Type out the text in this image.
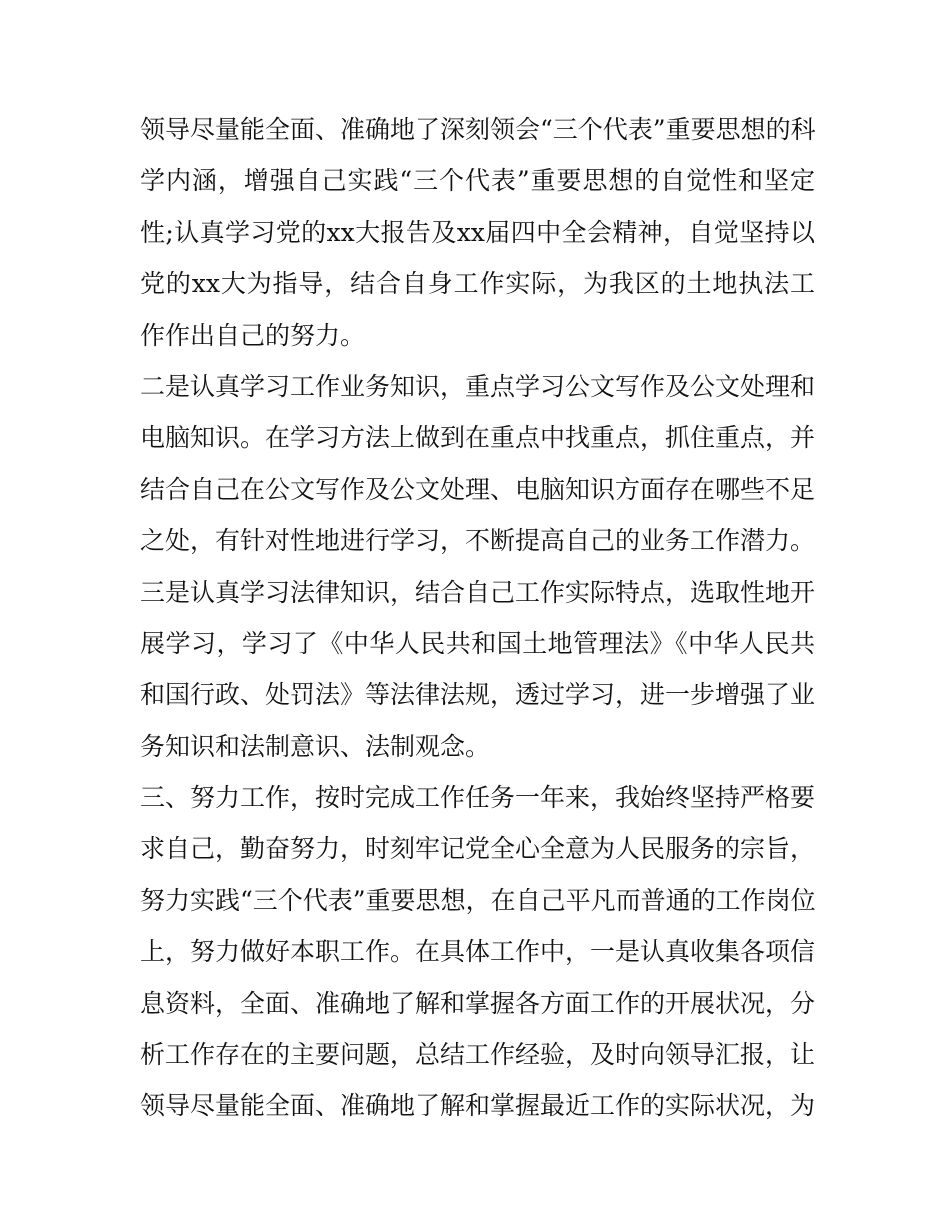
领导尽量能全面、准确地了深刻领会“三个代表”重要思想的科
学内涵，增强自己实践“三个代表”重要思想的自觉性和坚定
性;认真学习党的xx大报告及xx届四中全会精神，自觉坚持以
党的xx大为指导，结合自身工作实际，为我区的土地执法工
作作出自己的努力。
二是认真学习工作业务知识，重点学习公文写作及公文处理和
电脑知识。在学习方法上做到在重点中找重点，抓住重点，并
结合自己在公文写作及公文处理、电脑知识方面存在哪些不足
之处，有针对性地进行学习，不断提高自己的业务工作潜力。
三是认真学习法律知识，结合自己工作实际特点，选取性地开
展学习，学习了《中华人民共和国土地管理法》《中华人民共
和国行政、处罚法》等法律法规，透过学习，进一步增强了业
务知识和法制意识、法制观念。
三、努力工作，按时完成工作任务一年来，我始终坚持严格要
求自己，勤奋努力，时刻牢记党全心全意为人民服务的宗旨，
努力实践“三个代表”重要思想，在自己平凡而普通的工作岗位
上，努力做好本职工作。在具体工作中，一是认真收集各项信
息资料，全面、准确地了解和掌握各方面工作的开展状况，分
析工作存在的主要问题，总结工作经验，及时向领导汇报，让
领导尽量能全面、准确地了解和掌握最近工作的实际状况，为
